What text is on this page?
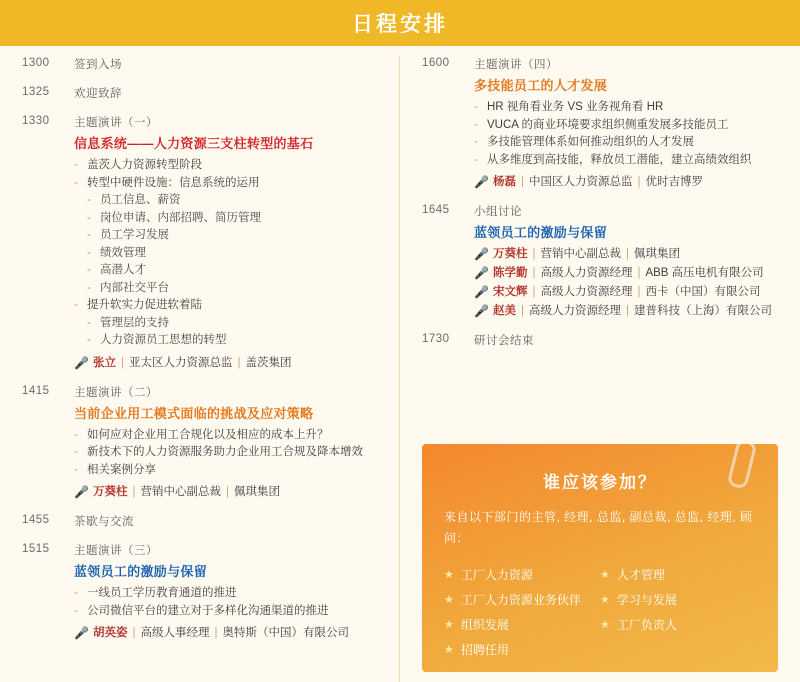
日程安排
1300	签到入场
1325	欢迎致辞
1330	主题演讲（一）
信息系统——人力资源三支柱转型的基石
- 盖茨人力资源转型阶段
- 转型中硬件设施：信息系统的运用
- 员工信息、薪资
- 岗位申请、内部招聘、简历管理
- 员工学习发展
- 绩效管理
- 高潜人才
- 内部社交平台
- 提升软实力促进软着陆
- 管理层的支持
- 人力资源员工思想的转型
🎤 张立 | 亚太区人力资源总监 | 盖茨集团
1415	主题演讲（二）
当前企业用工模式面临的挑战及应对策略
- 如何应对企业用工合规化以及相应的成本上升？
- 新技术下的人力资源服务助力企业用工合规及降本增效
- 相关案例分享
🎤 万葵柱 | 营销中心副总裁 | 佩琪集团
1455	茶歇与交流
1515	主题演讲（三）
蓝领员工的激励与保留
- 一线员工学历教育通道的推进
- 公司微信平台的建立对于多样化沟通渠道的推进
🎤 胡英姿 | 高级人事经理 | 奥特斯（中国）有限公司
1600	主题演讲（四）
多技能员工的人才发展
- HR 视角看业务 VS 业务视角看 HR
- VUCA 的商业环境要求组织侧重发展多技能员工
- 多技能管理体系如何推动组织的人才发展
- 从多维度到高技能，释放员工潜能，建立高绩效组织
🎤 杨磊 | 中国区人力资源总监 | 优时吉博罗
1645	小组讨论
蓝领员工的激励与保留
🎤 万葵柱 | 营销中心副总裁 | 佩琪集团
🎤 陈学勤 | 高级人力资源经理 | ABB 高压电机有限公司
🎤 宋文辉 | 高级人力资源经理 | 西卡（中国）有限公司
🎤 赵美 | 高级人力资源经理 | 建普科技（上海）有限公司
1730	研讨会结束
谁应该参加？

来自以下部门的主管, 经理, 总监, 副总裁, 总监, 经理, 顾问：

★ 工厂人力资源	★ 人才管理
★ 工厂人力资源业务伙伴 ★ 学习与发展
★ 组织发展	★ 工厂负责人
★ 招聘任用
